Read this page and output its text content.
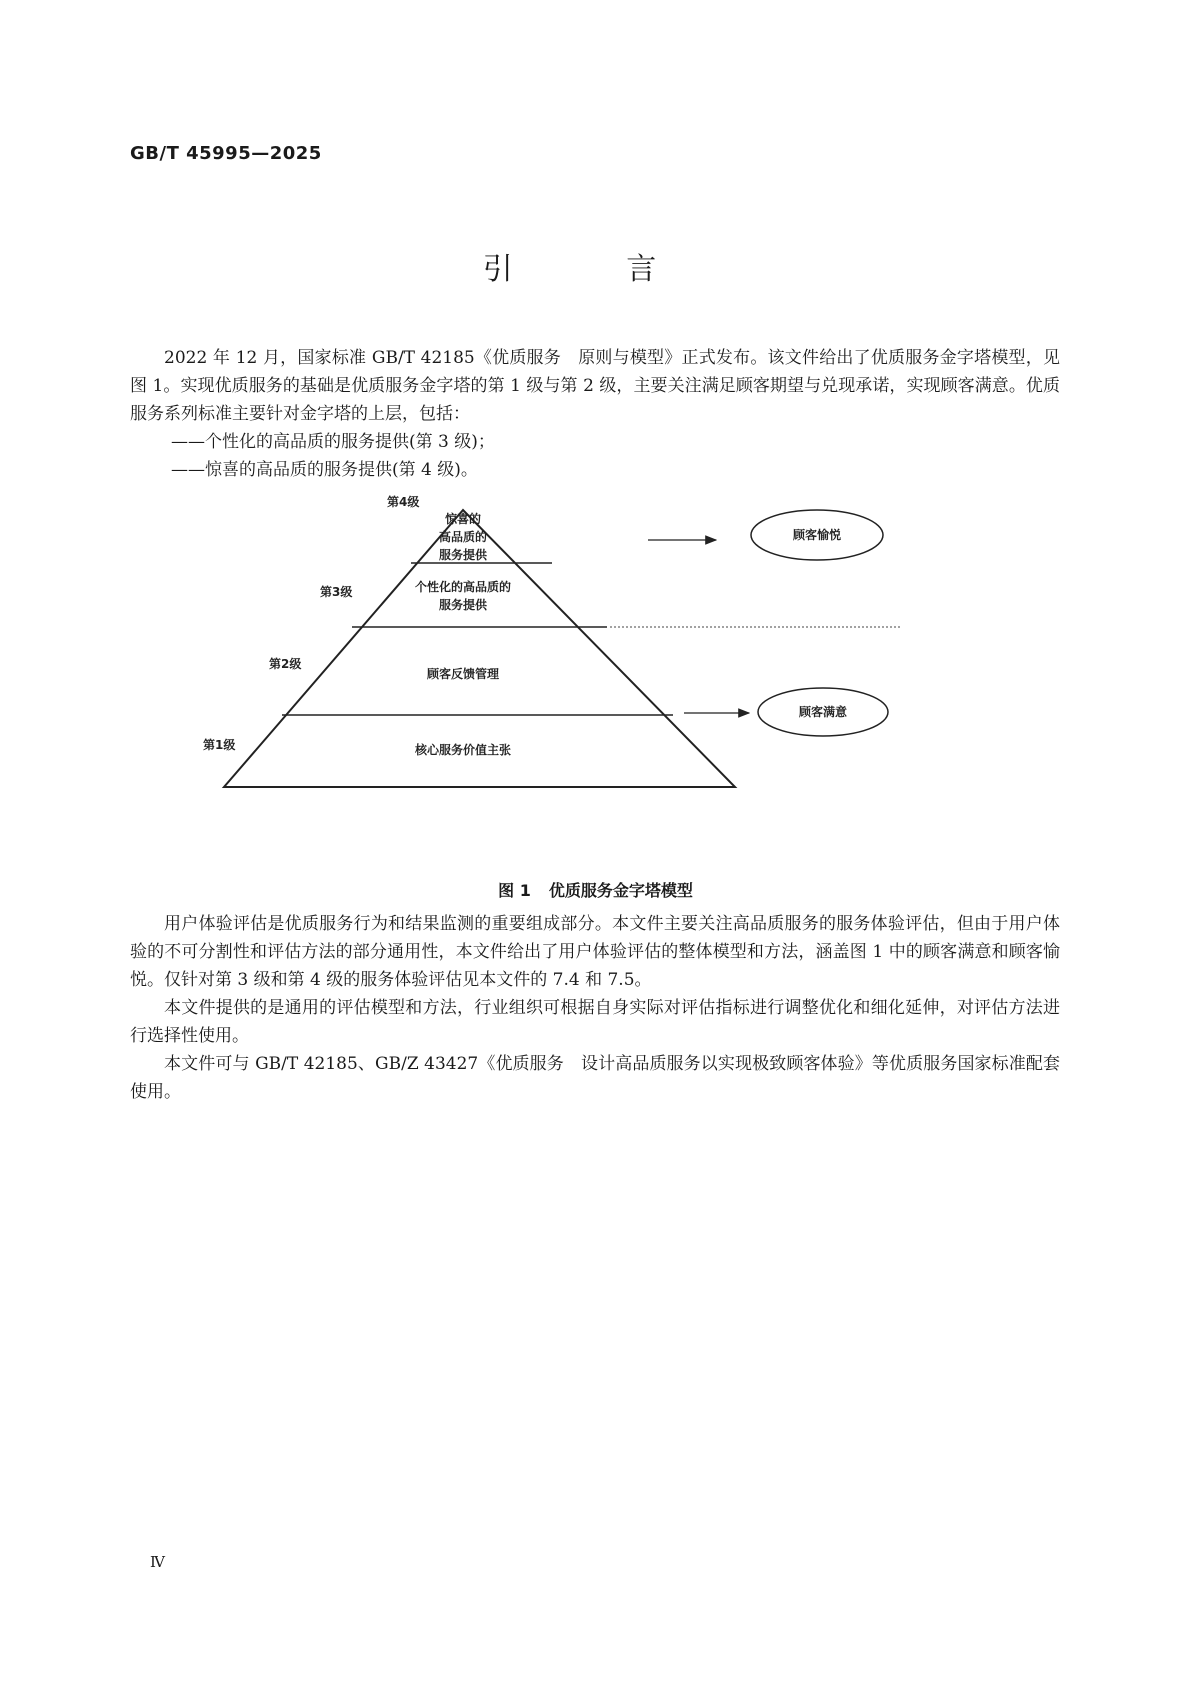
GB/T 45995—2025
引 言

2022 年 12 月，国家标准 GB/T 42185《优质服务　原则与模型》正式发布。该文件给出了优质服务金字塔模型，见图 1。实现优质服务的基础是优质服务金字塔的第 1 级与第 2 级，主要关注满足顾客期望与兑现承诺，实现顾客满意。优质服务系列标准主要针对金字塔的上层，包括：

——个性化的高品质的服务提供(第 3 级)；

——惊喜的高品质的服务提供(第 4 级)。

第4级
第3级
第2级
第1级
惊喜的
高品质的
服务提供
个性化的高品质的
服务提供
顾客反馈管理
核心服务价值主张
顾客愉悦
顾客满意
图 1 优质服务金字塔模型

用户体验评估是优质服务行为和结果监测的重要组成部分。本文件主要关注高品质服务的服务体验评估，但由于用户体验的不可分割性和评估方法的部分通用性，本文件给出了用户体验评估的整体模型和方法，涵盖图 1 中的顾客满意和顾客愉悦。仅针对第 3 级和第 4 级的服务体验评估见本文件的 7.4 和 7.5。

本文件提供的是通用的评估模型和方法，行业组织可根据自身实际对评估指标进行调整优化和细化延伸，对评估方法进行选择性使用。

本文件可与 GB/T 42185、GB/Z 43427《优质服务　设计高品质服务以实现极致顾客体验》等优质服务国家标准配套使用。

Ⅳ
